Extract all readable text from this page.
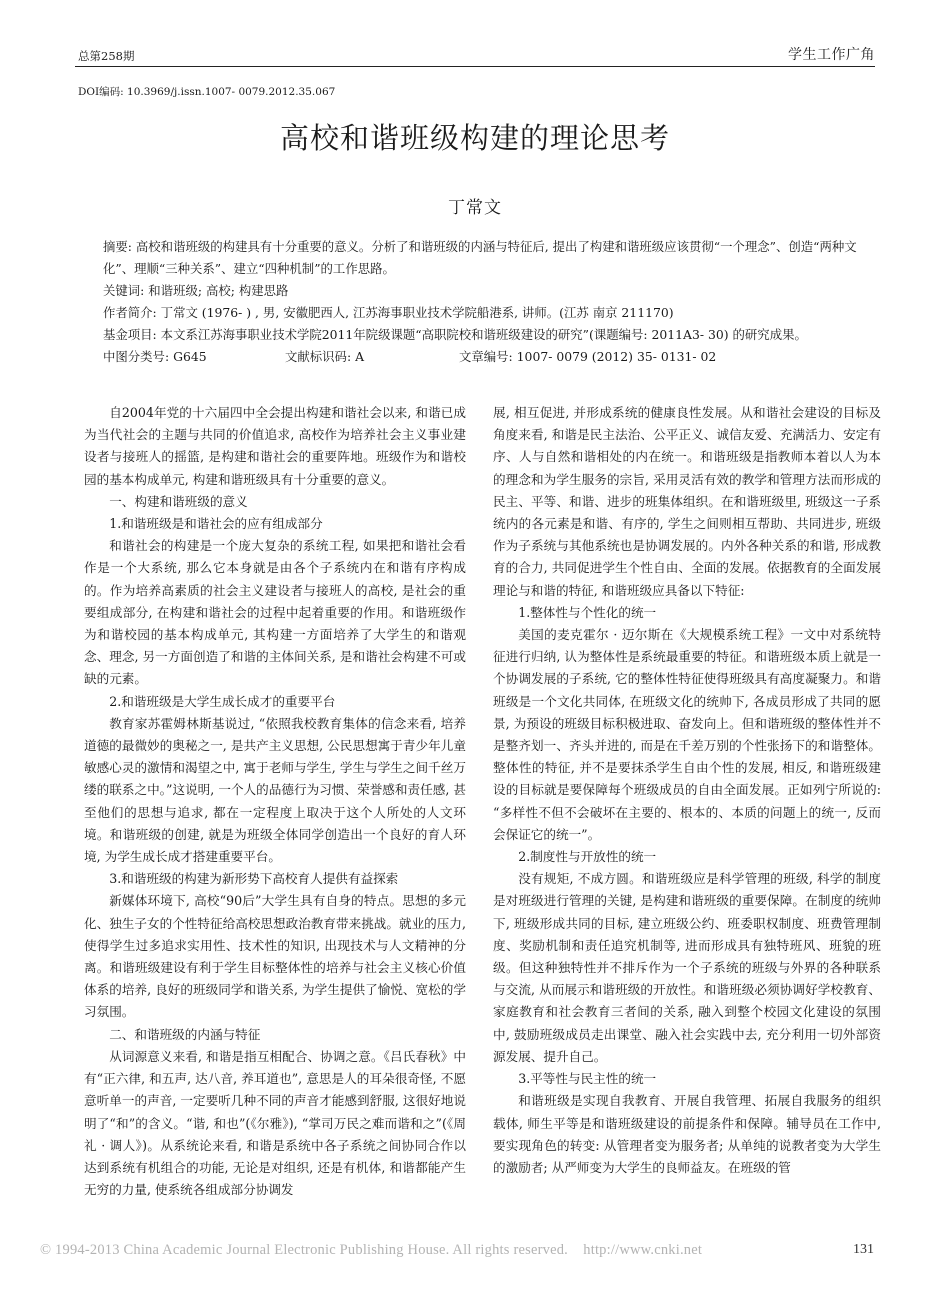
总第258期	学生工作广角
DOI编码: 10.3969/j.issn.1007- 0079.2012.35.067
高校和谐班级构建的理论思考
丁常文

摘要: 高校和谐班级的构建具有十分重要的意义。分析了和谐班级的内涵与特征后, 提出了构建和谐班级应该贯彻“一个理念”、创造“两种文化”、理顺“三种关系”、建立“四种机制”的工作思路。

关键词: 和谐班级; 高校; 构建思路

作者简介: 丁常文 (1976- ) , 男, 安徽肥西人, 江苏海事职业技术学院船港系, 讲师。(江苏 南京 211170)

基金项目: 本文系江苏海事职业技术学院2011年院级课题“高职院校和谐班级建设的研究”(课题编号: 2011A3- 30) 的研究成果。

中图分类号: G645	文献标识码: A	文章编号: 1007- 0079 (2012) 35- 0131- 02

自2004年党的十六届四中全会提出构建和谐社会以来, 和谐已成为当代社会的主题与共同的价值追求, 高校作为培养社会主义事业建设者与接班人的摇篮, 是构建和谐社会的重要阵地。班级作为和谐校园的基本构成单元, 构建和谐班级具有十分重要的意义。

一、构建和谐班级的意义

1.和谐班级是和谐社会的应有组成部分

和谐社会的构建是一个庞大复杂的系统工程, 如果把和谐社会看作是一个大系统, 那么它本身就是由各个子系统内在和谐有序构成的。作为培养高素质的社会主义建设者与接班人的高校, 是社会的重要组成部分, 在构建和谐社会的过程中起着重要的作用。和谐班级作为和谐校园的基本构成单元, 其构建一方面培养了大学生的和谐观念、理念, 另一方面创造了和谐的主体间关系, 是和谐社会构建不可或缺的元素。

2.和谐班级是大学生成长成才的重要平台

教育家苏霍姆林斯基说过, “依照我校教育集体的信念来看, 培养道德的最微妙的奥秘之一, 是共产主义思想, 公民思想寓于青少年儿童敏感心灵的激情和渴望之中, 寓于老师与学生, 学生与学生之间千丝万缕的联系之中。”这说明, 一个人的品德行为习惯、荣誉感和责任感, 甚至他们的思想与追求, 都在一定程度上取决于这个人所处的人文环境。和谐班级的创建, 就是为班级全体同学创造出一个良好的育人环境, 为学生成长成才搭建重要平台。

3.和谐班级的构建为新形势下高校育人提供有益探索

新媒体环境下, 高校“90后”大学生具有自身的特点。思想的多元化、独生子女的个性特征给高校思想政治教育带来挑战。就业的压力, 使得学生过多追求实用性、技术性的知识, 出现技术与人文精神的分离。和谐班级建设有利于学生目标整体性的培养与社会主义核心价值体系的培养, 良好的班级同学和谐关系, 为学生提供了愉悦、宽松的学习氛围。

二、和谐班级的内涵与特征

从词源意义来看, 和谐是指互相配合、协调之意。《吕氏春秋》中有“正六律, 和五声, 达八音, 养耳道也”, 意思是人的耳朵很奇怪, 不愿意听单一的声音, 一定要听几种不同的声音才能感到舒服, 这很好地说明了“和”的含义。“谐, 和也”(《尔雅》), “掌司万民之难而谐和之”(《周礼 · 调人》)。从系统论来看, 和谐是系统中各子系统之间协同合作以达到系统有机组合的功能, 无论是对组织, 还是有机体, 和谐都能产生无穷的力量, 使系统各组成部分协调发

展, 相互促进, 并形成系统的健康良性发展。从和谐社会建设的目标及角度来看, 和谐是民主法治、公平正义、诚信友爱、充满活力、安定有序、人与自然和谐相处的内在统一。和谐班级是指教师本着以人为本的理念和为学生服务的宗旨, 采用灵活有效的教学和管理方法而形成的民主、平等、和谐、进步的班集体组织。在和谐班级里, 班级这一子系统内的各元素是和谐、有序的, 学生之间则相互帮助、共同进步, 班级作为子系统与其他系统也是协调发展的。内外各种关系的和谐, 形成教育的合力, 共同促进学生个性自由、全面的发展。依据教育的全面发展理论与和谐的特征, 和谐班级应具备以下特征:

1.整体性与个性化的统一

美国的麦克霍尔 · 迈尔斯在《大规模系统工程》一文中对系统特征进行归纳, 认为整体性是系统最重要的特征。和谐班级本质上就是一个协调发展的子系统, 它的整体性特征使得班级具有高度凝聚力。和谐班级是一个文化共同体, 在班级文化的统帅下, 各成员形成了共同的愿景, 为预设的班级目标积极进取、奋发向上。但和谐班级的整体性并不是整齐划一、齐头并进的, 而是在千差万别的个性张扬下的和谐整体。整体性的特征, 并不是要抹杀学生自由个性的发展, 相反, 和谐班级建设的目标就是要保障每个班级成员的自由全面发展。正如列宁所说的: “多样性不但不会破坏在主要的、根本的、本质的问题上的统一, 反而会保证它的统一”。

2.制度性与开放性的统一

没有规矩, 不成方圆。和谐班级应是科学管理的班级, 科学的制度是对班级进行管理的关键, 是构建和谐班级的重要保障。在制度的统帅下, 班级形成共同的目标, 建立班级公约、班委职权制度、班费管理制度、奖励机制和责任追究机制等, 进而形成具有独特班风、班貌的班级。但这种独特性并不排斥作为一个子系统的班级与外界的各种联系与交流, 从而展示和谐班级的开放性。和谐班级必须协调好学校教育、家庭教育和社会教育三者间的关系, 融入到整个校园文化建设的氛围中, 鼓励班级成员走出课堂、融入社会实践中去, 充分利用一切外部资源发展、提升自己。

3.平等性与民主性的统一

和谐班级是实现自我教育、开展自我管理、拓展自我服务的组织载体, 师生平等是和谐班级建设的前提条件和保障。辅导员在工作中, 要实现角色的转变: 从管理者变为服务者; 从单纯的说教者变为大学生的激励者; 从严师变为大学生的良师益友。在班级的管

© 1994-2013 China Academic Journal Electronic Publishing House. All rights reserved.    http://www.cnki.net	131
